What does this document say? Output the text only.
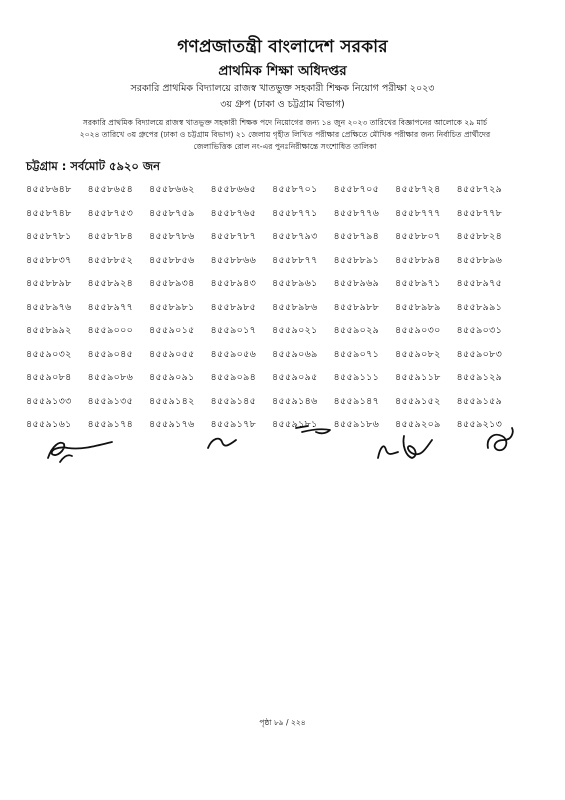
গণপ্রজাতন্ত্রী বাংলাদেশ সরকার
প্রাথমিক শিক্ষা অধিদপ্তর
সরকারি প্রাথমিক বিদ্যালয়ে রাজস্ব খাতভুক্ত সহকারী শিক্ষক নিয়োগ পরীক্ষা ২০২৩
৩য় গ্রুপ (ঢাকা ও চট্টগ্রাম বিভাগ)
সরকারি প্রাথমিক বিদ্যালয়ে রাজস্ব খাতভুক্ত সহকারী শিক্ষক পদে নিয়োগের জন্য ১৪ জুন ২০২৩ তারিখের বিজ্ঞাপনের আলোকে ২৯ মার্চ
২০২৪ তারিখে ৩য় গ্রুপের (ঢাকা ও চট্টগ্রাম বিভাগ) ২১ জেলায় গৃহীত লিখিত পরীক্ষার প্রেক্ষিতে মৌখিক পরীক্ষার জন্য নির্বাচিত প্রার্থীদের
জেলাভিত্তিক রোল নং-এর পুনঃনিরীক্ষান্তে সংশোধিত তালিকা
চট্টগ্রাম : সর্বমোট ৫৯২০ জন
৪৫৫৮৬৪৮	৪৫৫৮৬৫৪	৪৫৫৮৬৬২	৪৫৫৮৬৬৫	৪৫৫৮৭০১	৪৫৫৮৭০৫	৪৫৫৮৭২৪	৪৫৫৮৭২৯
৪৫৫৮৭৪৮	৪৫৫৮৭৫৩	৪৫৫৮৭৫৯	৪৫৫৮৭৬৫	৪৫৫৮৭৭১	৪৫৫৮৭৭৬	৪৫৫৮৭৭৭	৪৫৫৮৭৭৮
৪৫৫৮৭৮১	৪৫৫৮৭৮৪	৪৫৫৮৭৮৬	৪৫৫৮৭৮৭	৪৫৫৮৭৯৩	৪৫৫৮৭৯৪	৪৫৫৮৮০৭	৪৫৫৮৮২৪
৪৫৫৮৮৩৭	৪৫৫৮৮৫২	৪৫৫৮৮৫৬	৪৫৫৮৮৬৬	৪৫৫৮৮৭৭	৪৫৫৮৮৯১	৪৫৫৮৮৯৪	৪৫৫৮৮৯৬
৪৫৫৮৮৯৮	৪৫৫৮৯২৪	৪৫৫৮৯৩৪	৪৫৫৮৯৪৩	৪৫৫৮৯৬১	৪৫৫৮৯৬৯	৪৫৫৮৯৭১	৪৫৫৮৯৭৫
৪৫৫৮৯৭৬	৪৫৫৮৯৭৭	৪৫৫৮৯৮১	৪৫৫৮৯৮৫	৪৫৫৮৯৮৬	৪৫৫৮৯৮৮	৪৫৫৮৯৮৯	৪৫৫৮৯৯১
৪৫৫৮৯৯২	৪৫৫৯০০০	৪৫৫৯০১৫	৪৫৫৯০১৭	৪৫৫৯০২১	৪৫৫৯০২৯	৪৫৫৯০৩০	৪৫৫৯০৩১
৪৫৫৯০৩২	৪৫৫৯০৪৫	৪৫৫৯০৫৫	৪৫৫৯০৫৬	৪৫৫৯০৬৯	৪৫৫৯০৭১	৪৫৫৯০৮২	৪৫৫৯০৮৩
৪৫৫৯০৮৪	৪৫৫৯০৮৬	৪৫৫৯০৯১	৪৫৫৯০৯৪	৪৫৫৯০৯৫	৪৫৫৯১১১	৪৫৫৯১১৮	৪৫৫৯১২৯
৪৫৫৯১৩৩	৪৫৫৯১৩৫	৪৫৫৯১৪২	৪৫৫৯১৪৫	৪৫৫৯১৪৬	৪৫৫৯১৪৭	৪৫৫৯১৫২	৪৫৫৯১৫৯
৪৫৫৯১৬১	৪৫৫৯১৭৪	৪৫৫৯১৭৬	৪৫৫৯১৭৮	৪৫৫৯১৮১	৪৫৫৯১৮৬	৪৫৫৯২০৯	৪৫৫৯২১৩
পৃষ্ঠা ৮৯ / ২২৪
